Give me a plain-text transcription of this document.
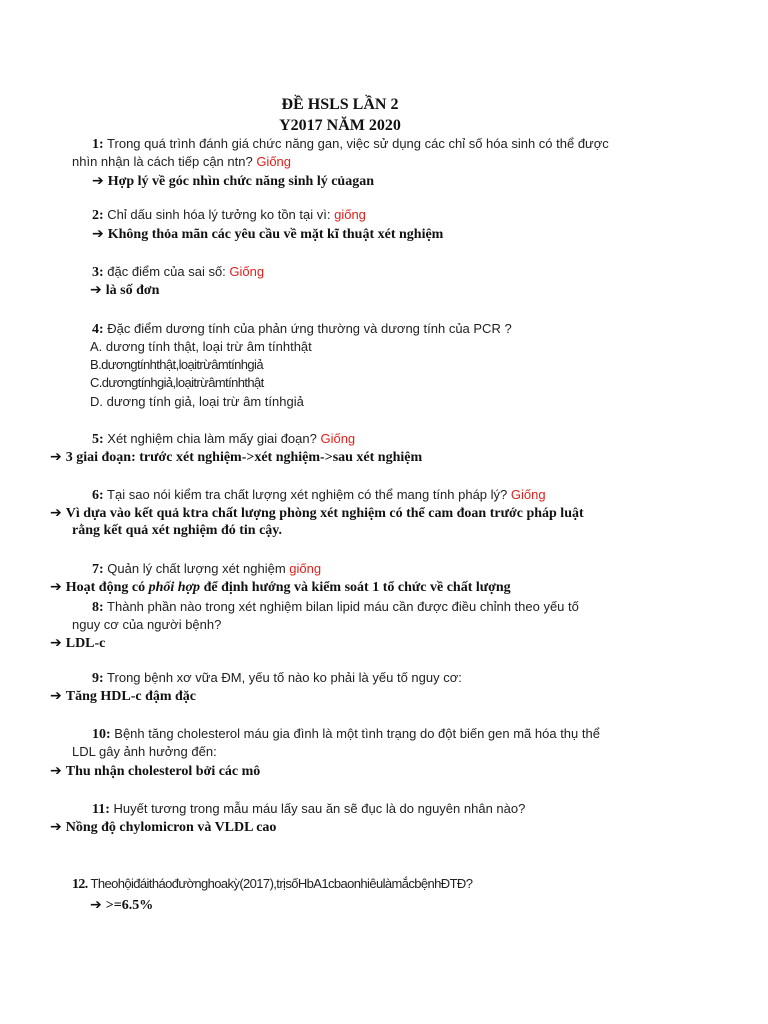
ĐỀ HSLS LẦN 2
Y2017 NĂM 2020
1: Trong quá trình đánh giá chức năng gan, việc sử dụng các chỉ số hóa sinh có thể được
nhìn nhận là cách tiếp cận ntn? Giống
➔ Hợp lý về góc nhìn chức năng sinh lý củagan
2: Chỉ dấu sinh hóa lý tưởng ko tồn tại vì: giống
➔ Không thỏa mãn các yêu cầu về mặt kĩ thuật xét nghiệm
3: đặc điểm của sai số: Giống
➔ là số đơn
4: Đặc điểm dương tính của phản ứng thường và dương tính của PCR ?
A. dương tính thật, loại trừ âm tínhthật
B.dươngtínhthật,loạitrừâmtínhgiả
C.dươngtínhgiả,loạitrừâmtínhthật
D. dương tính giả, loại trừ âm tínhgiả
5: Xét nghiệm chia làm mấy giai đoạn? Giống
➔ 3 giai đoạn: trước xét nghiệm->xét nghiệm->sau xét nghiệm
6: Tại sao nói kiểm tra chất lượng xét nghiệm có thể mang tính pháp lý? Giống
➔ Vì dựa vào kết quả ktra chất lượng phòng xét nghiệm có thể cam đoan trước pháp luật
rằng kết quả xét nghiệm đó tin cậy.
7: Quản lý chất lượng xét nghiệm giống
➔ Hoạt động có phối hợp để định hướng và kiểm soát 1 tổ chức về chất lượng
8: Thành phần nào trong xét nghiệm bilan lipid máu cần được điều chỉnh theo yếu tố
nguy cơ của người bệnh?
➔ LDL-c
9: Trong bệnh xơ vữa ĐM, yếu tố nào ko phải là yếu tố nguy cơ:
➔ Tăng HDL-c đậm đặc
10: Bệnh tăng cholesterol máu gia đình là một tình trạng do đột biến gen mã hóa thụ thể
LDL gây ảnh hưởng đến:
➔ Thu nhận cholesterol bởi các mô
11: Huyết tương trong mẫu máu lấy sau ăn sẽ đục là do nguyên nhân nào?
➔ Nồng độ chylomicron và VLDL cao
12. Theohộiđáitháođườnghoakỳ(2017),trịsốHbA1cbaonhiêulàmắcbệnhĐTĐ?
➔ >=6.5%
